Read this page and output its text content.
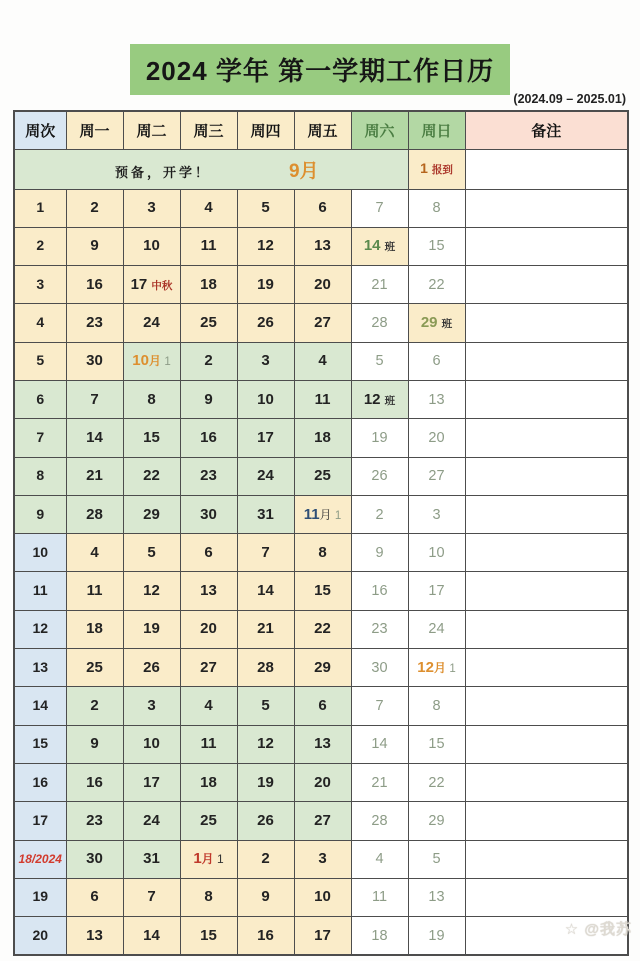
2024 学年 第一学期工作日历
(2024.09 – 2025.01)
周次	周一	周二	周三	周四	周五	周六	周日	备注
预备，开学！ 9月							1 报到	
1	2	3	4	5	6	7	8	
2	9	10	11	12	13	14 班	15	
3	16	17 中秋	18	19	20	21	22	
4	23	24	25	26	27	28	29 班	
5	30	10月 1	2	3	4	5	6	
6	7	8	9	10	11	12 班	13	
7	14	15	16	17	18	19	20	
8	21	22	23	24	25	26	27	
9	28	29	30	31	11月 1	2	3	
10	4	5	6	7	8	9	10	
11	11	12	13	14	15	16	17	
12	18	19	20	21	22	23	24	
13	25	26	27	28	29	30	12月 1	
14	2	3	4	5	6	7	8	
15	9	10	11	12	13	14	15	
16	16	17	18	19	20	21	22	
17	23	24	25	26	27	28	29	
18/2024	30	31	1月 1	2	3	4	5	
19	6	7	8	9	10	11	13	
20	13	14	15	16	17	18	19		☆ @我苏
